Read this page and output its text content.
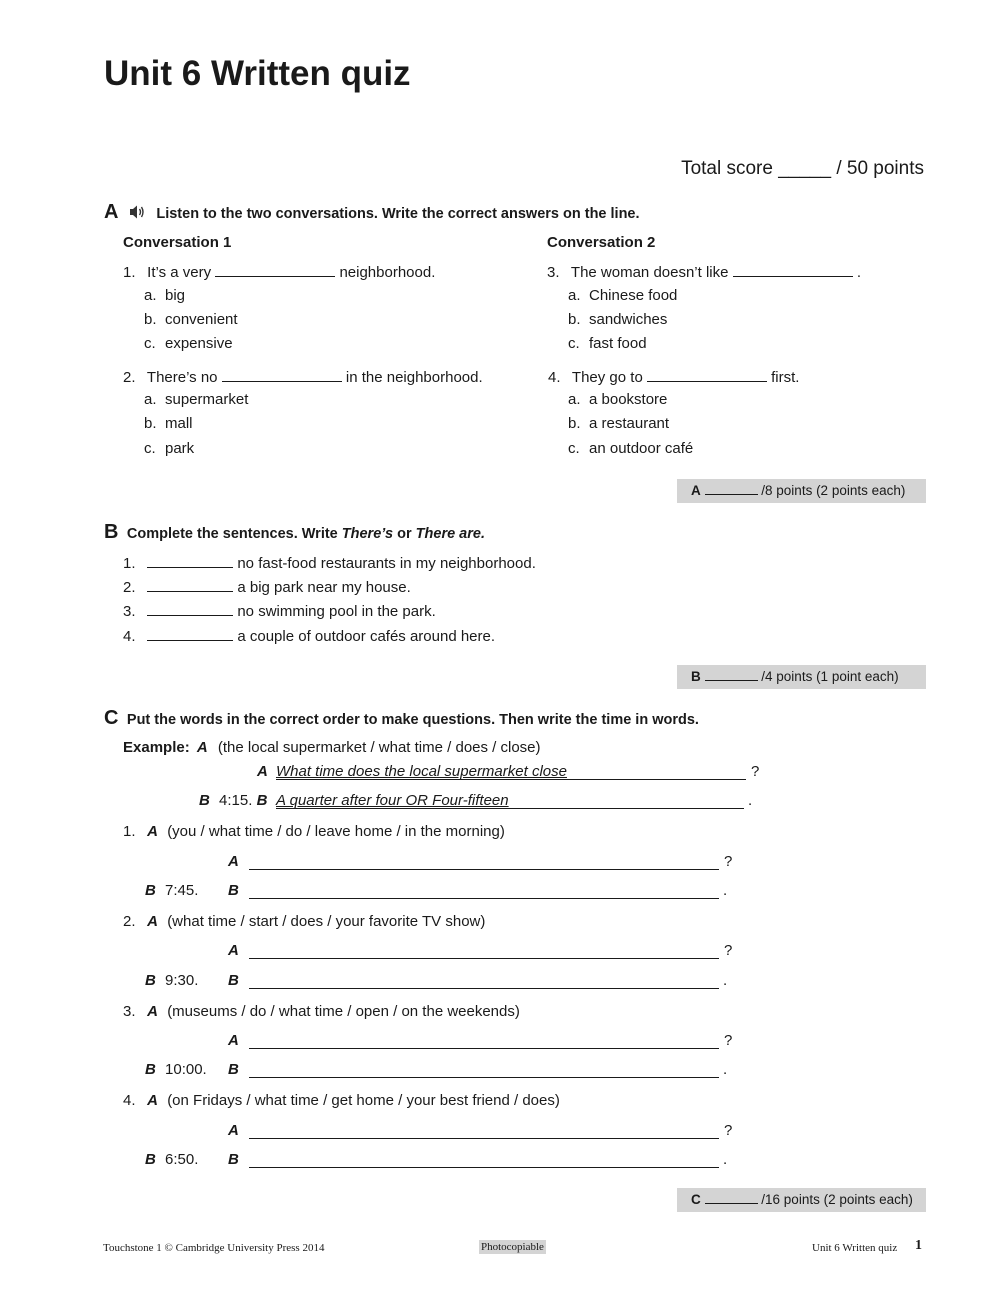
Unit 6 Written quiz
Total score _____ / 50 points
A	Listen to the two conversations. Write the correct answers on the line.
Conversation 1	Conversation 2
1. It’s a very	neighborhood.
a. big
b. convenient
c. expensive
2. There’s no	in the neighborhood.
a. supermarket
b. mall
c. park
3. The woman doesn’t like	.
a. Chinese food
b. sandwiches
c. fast food
4. They go to	first.
a. a bookstore
b. a restaurant
c. an outdoor café
A	/8 points (2 points each)
B Complete the sentences. Write There’s or There are.
1.	no fast-food restaurants in my neighborhood.
2.	a big park near my house.
3.	no swimming pool in the park.
4.	a couple of outdoor cafés around here.
B	/4 points (1 point each)
C Put the words in the correct order to make questions. Then write the time in words.
Example: A (the local supermarket / what time / does / close)
A What time does the local supermarket close	?
B 4:15. B A quarter after four OR Four-fifteen	.
1. A (you / what time / do / leave home / in the morning)
A	?
B 7:45. B	.
2. A (what time / start / does / your favorite TV show)
A	?
B 9:30. B	.
3. A (museums / do / what time / open / on the weekends)
A	?
B 10:00. B	.
4. A (on Fridays / what time / get home / your best friend / does)
A	?
B 6:50. B	.
C	/16 points (2 points each)
Touchstone 1 © Cambridge University Press 2014	Photocopiable	Unit 6 Written quiz 1
